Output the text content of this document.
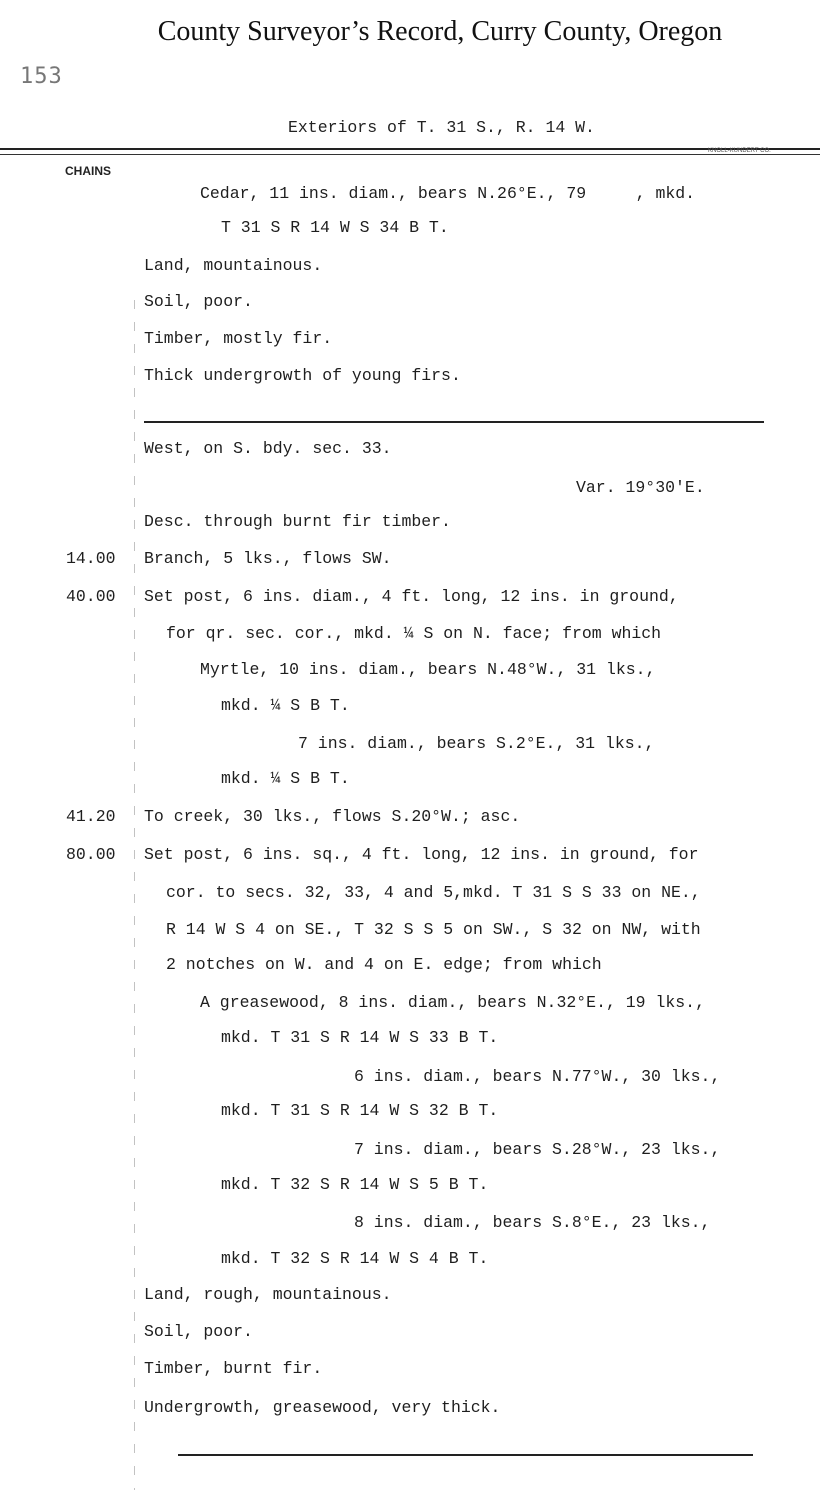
County Surveyor’s Record, Curry County, Oregon
153
Exteriors of T. 31 S., R. 14 W.
KNOLL-KUNDERT CO.
CHAINS
Cedar, 11 ins. diam., bears N.26°E., 79     , mkd.
T 31 S R 14 W S 34 B T.
Land, mountainous.
Soil, poor.
Timber, mostly fir.
Thick undergrowth of young firs.
West, on S. bdy. sec. 33.
Var. 19°30'E.
Desc. through burnt fir timber.
14.00 Branch, 5 lks., flows SW.
40.00 Set post, 6 ins. diam., 4 ft. long, 12 ins. in ground,
for qr. sec. cor., mkd. ¼ S on N. face; from which
Myrtle, 10 ins. diam., bears N.48°W., 31 lks.,
mkd. ¼ S B T.
7 ins. diam., bears S.2°E., 31 lks.,
mkd. ¼ S B T.
41.20 To creek, 30 lks., flows S.20°W.; asc.
80.00 Set post, 6 ins. sq., 4 ft. long, 12 ins. in ground, for
cor. to secs. 32, 33, 4 and 5,mkd. T 31 S S 33 on NE.,
R 14 W S 4 on SE., T 32 S S 5 on SW., S 32 on NW, with
2 notches on W. and 4 on E. edge; from which
A greasewood, 8 ins. diam., bears N.32°E., 19 lks.,
mkd. T 31 S R 14 W S 33 B T.
6 ins. diam., bears N.77°W., 30 lks.,
mkd. T 31 S R 14 W S 32 B T.
7 ins. diam., bears S.28°W., 23 lks.,
mkd. T 32 S R 14 W S 5 B T.
8 ins. diam., bears S.8°E., 23 lks.,
mkd. T 32 S R 14 W S 4 B T.
Land, rough, mountainous.
Soil, poor.
Timber, burnt fir.
Undergrowth, greasewood, very thick.
